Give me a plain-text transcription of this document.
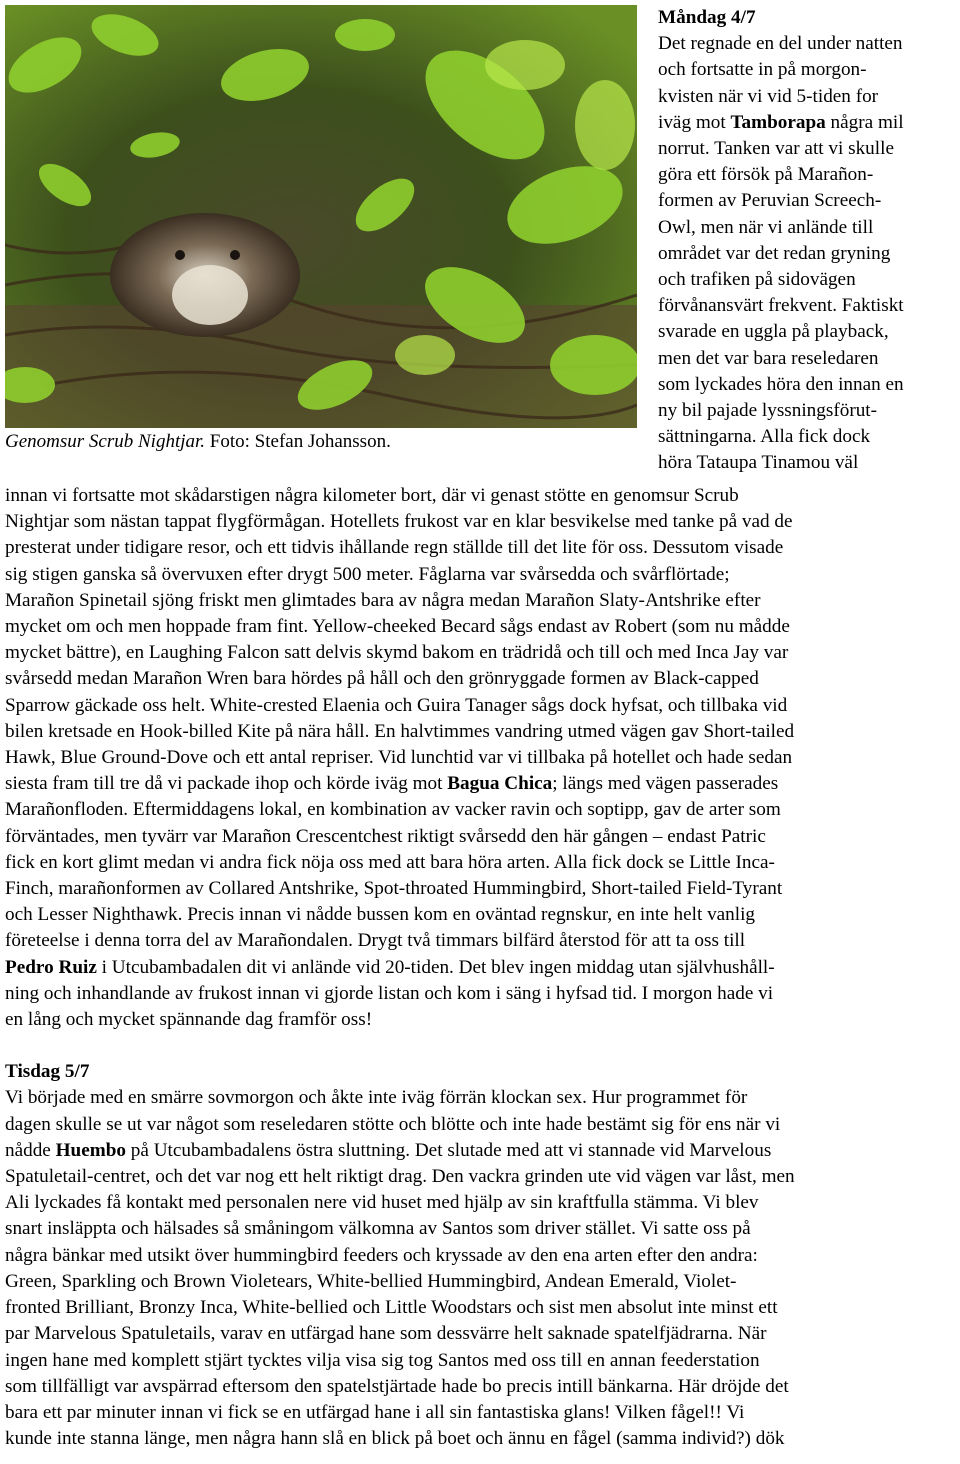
Genomsur Scrub Nightjar. Foto: Stefan Johansson.
Måndag 4/7
Det regnade en del under natten
och fortsatte in på morgon-
kvisten när vi vid 5-tiden for
iväg mot Tamborapa några mil
norrut. Tanken var att vi skulle
göra ett försök på Marañon-
formen av Peruvian Screech-
Owl, men när vi anlände till
området var det redan gryning
och trafiken på sidovägen
förvånansvärt frekvent. Faktiskt
svarade en uggla på playback,
men det var bara reseledaren
som lyckades höra den innan en
ny bil pajade lyssningsförut-
sättningarna. Alla fick dock
höra Tataupa Tinamou väl
innan vi fortsatte mot skådarstigen några kilometer bort, där vi genast stötte en genomsur Scrub
Nightjar som nästan tappat flygförmågan. Hotellets frukost var en klar besvikelse med tanke på vad de
presterat under tidigare resor, och ett tidvis ihållande regn ställde till det lite för oss. Dessutom visade
sig stigen ganska så övervuxen efter drygt 500 meter. Fåglarna var svårsedda och svårflörtade;
Marañon Spinetail sjöng friskt men glimtades bara av några medan Marañon Slaty-Antshrike efter
mycket om och men hoppade fram fint. Yellow-cheeked Becard sågs endast av Robert (som nu mådde
mycket bättre), en Laughing Falcon satt delvis skymd bakom en trädridå och till och med Inca Jay var
svårsedd medan Marañon Wren bara hördes på håll och den grönryggade formen av Black-capped
Sparrow gäckade oss helt. White-crested Elaenia och Guira Tanager sågs dock hyfsat, och tillbaka vid
bilen kretsade en Hook-billed Kite på nära håll. En halvtimmes vandring utmed vägen gav Short-tailed
Hawk, Blue Ground-Dove och ett antal repriser. Vid lunchtid var vi tillbaka på hotellet och hade sedan
siesta fram till tre då vi packade ihop och körde iväg mot Bagua Chica; längs med vägen passerades
Marañonfloden. Eftermiddagens lokal, en kombination av vacker ravin och soptipp, gav de arter som
förväntades, men tyvärr var Marañon Crescentchest riktigt svårsedd den här gången – endast Patric
fick en kort glimt medan vi andra fick nöja oss med att bara höra arten. Alla fick dock se Little Inca-
Finch, marañonformen av Collared Antshrike, Spot-throated Hummingbird, Short-tailed Field-Tyrant
och Lesser Nighthawk. Precis innan vi nådde bussen kom en oväntad regnskur, en inte helt vanlig
företeelse i denna torra del av Marañondalen. Drygt två timmars bilfärd återstod för att ta oss till
Pedro Ruiz i Utcubambadalen dit vi anlände vid 20-tiden. Det blev ingen middag utan självhushåll-
ning och inhandlande av frukost innan vi gjorde listan och kom i säng i hyfsad tid. I morgon hade vi
en lång och mycket spännande dag framför oss!
Tisdag 5/7
Vi började med en smärre sovmorgon och åkte inte iväg förrän klockan sex. Hur programmet för
dagen skulle se ut var något som reseledaren stötte och blötte och inte hade bestämt sig för ens när vi
nådde Huembo på Utcubambadalens östra sluttning. Det slutade med att vi stannade vid Marvelous
Spatuletail-centret, och det var nog ett helt riktigt drag. Den vackra grinden ute vid vägen var låst, men
Ali lyckades få kontakt med personalen nere vid huset med hjälp av sin kraftfulla stämma. Vi blev
snart insläppta och hälsades så småningom välkomna av Santos som driver stället. Vi satte oss på
några bänkar med utsikt över hummingbird feeders och kryssade av den ena arten efter den andra:
Green, Sparkling och Brown Violetears, White-bellied Hummingbird, Andean Emerald, Violet-
fronted Brilliant, Bronzy Inca, White-bellied och Little Woodstars och sist men absolut inte minst ett
par Marvelous Spatuletails, varav en utfärgad hane som dessvärre helt saknade spatelfjädrarna. När
ingen hane med komplett stjärt tycktes vilja visa sig tog Santos med oss till en annan feederstation
som tillfälligt var avspärrad eftersom den spatelstjärtade hade bo precis intill bänkarna. Här dröjde det
bara ett par minuter innan vi fick se en utfärgad hane i all sin fantastiska glans! Vilken fågel!! Vi
kunde inte stanna länge, men några hann slå en blick på boet och ännu en fågel (samma individ?) dök
